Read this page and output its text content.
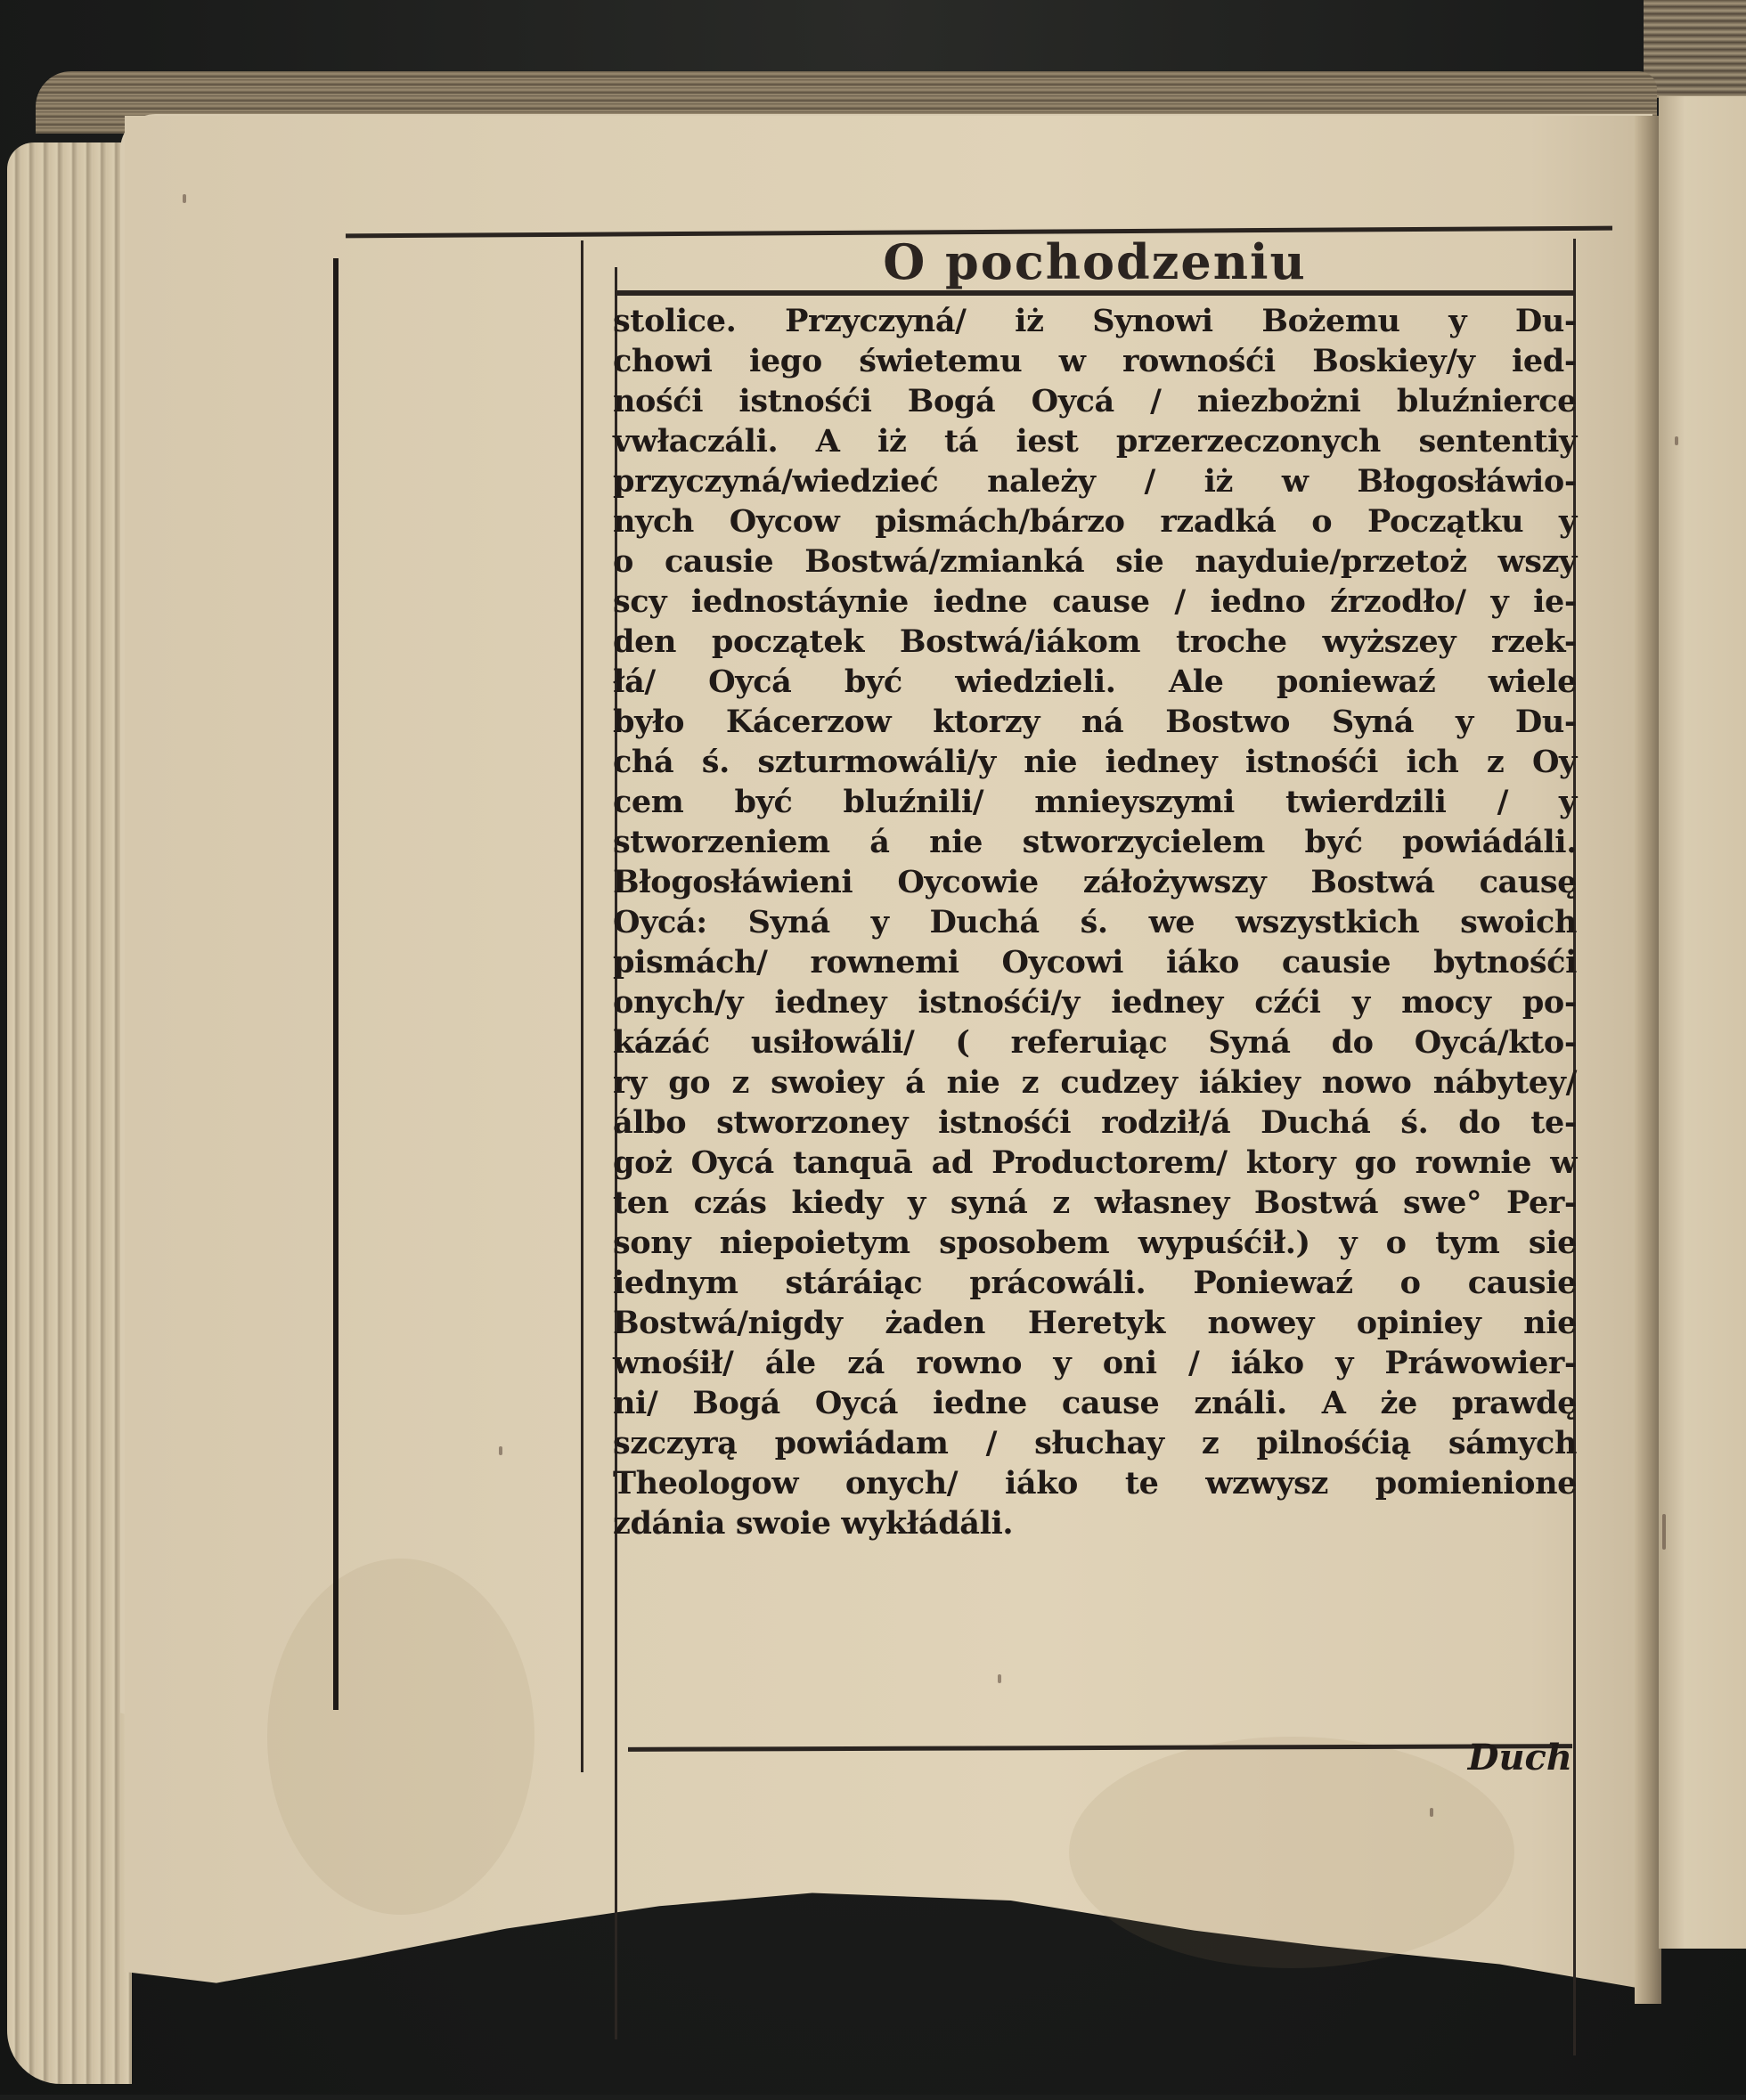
O pochodzeniu
stolice. Przyczyná/ iż Synowi Bożemu y Du-
chowi iego świetemu w rownośći Boskiey/y ied-
nośći istnośći Bogá Oycá / niezbożni bluźnierce
vwłaczáli. A iż tá iest przerzeczonych sententiy
przyczyná/wiedzieć należy / iż w Błogosłáwio-
nych Oycow pismách/bárzo rzadká o Początku y
o causie Bostwá/zmianká sie nayduie/przetoż wszy
scy iednostáynie iedne cause / iedno źrzodło/ y ie-
den początek Bostwá/iákom troche wyższey rzek-
łá/ Oycá być wiedzieli. Ale poniewaź wiele
było Kácerzow ktorzy ná Bostwo Syná y Du-
chá ś. szturmowáli/y nie iedney istnośći ich z Oy
cem być bluźnili/ mnieyszymi twierdzili / y
stworzeniem á nie stworzycielem być powiádáli.
Błogosłáwieni Oycowie záłożywszy Bostwá causę
Oycá: Syná y Duchá ś. we wszystkich swoich
pismách/ rownemi Oycowi iáko causie bytnośći
onych/y iedney istnośći/y iedney cźći y mocy po-
kázáć usiłowáli/ ( referuiąc Syná do Oycá/kto-
ry go z swoiey á nie z cudzey iákiey nowo nábytey/
álbo stworzoney istnośći rodził/á Duchá ś. do te-
goż Oycá tanquā ad Productorem/ ktory go rownie w
ten czás kiedy y syná z własney Bostwá swe° Per-
sony niepoietym sposobem wypuśćił.) y o tym sie
iednym stáráiąc prácowáli. Poniewaź o causie
Bostwá/nigdy żaden Heretyk nowey opiniey nie
wnośił/ ále zá rowno y oni / iáko y Práwowier-
ni/ Bogá Oycá iedne cause ználi. A że prawdę
szczyrą powiádam / słuchay z pilnośćią sámych
Theologow onych/ iáko te wzwysz pomienione
zdánia swoie wykłádáli.
Duch
